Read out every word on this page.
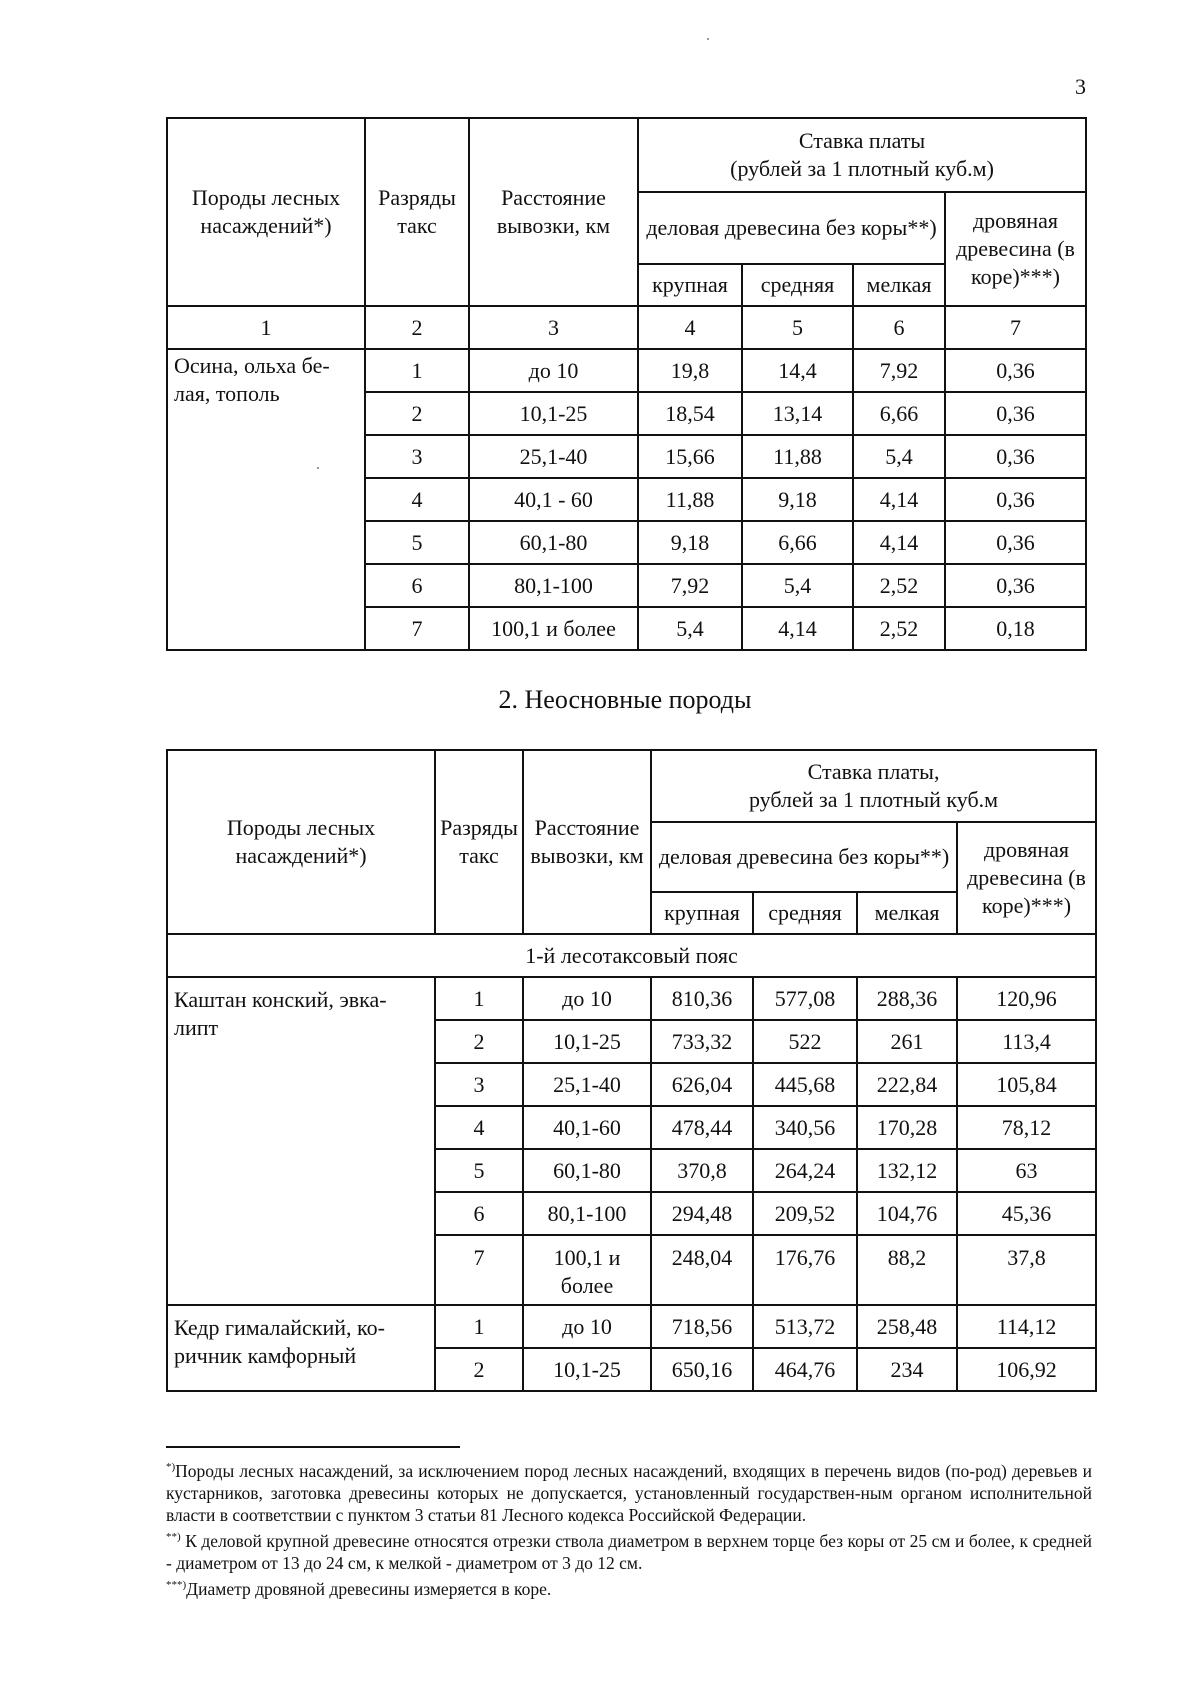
3
Породы лесных насаждений*)	Разряды такс	Расстояние вывозки, км	Ставка платы
(рублей за 1 плотный куб.м)			

			деловая древесина без коры**)			дровяная древесина (в коре)***)
			крупная	средняя	мелкая	
1	2	3	4	5	6	7
Осина, ольха бе-лая, тополь	1	до 10	19,8	14,4	7,92	0,36
	2	10,1-25	18,54	13,14	6,66	0,36
	3	25,1-40	15,66	11,88	5,4	0,36
	4	40,1 - 60	11,88	9,18	4,14	0,36
	5	60,1-80	9,18	6,66	4,14	0,36
	6	80,1-100	7,92	5,4	2,52	0,36
	7	100,1 и более	5,4	4,14	2,52	0,18
2. Неосновные породы
Породы лесных насаждений*)	Разряды такс	Расстояние вывозки, км	Ставка платы,
рублей за 1 плотный куб.м			

			деловая древесина без коры**)			дровяная древесина (в коре)***)
			крупная	средняя	мелкая	
1-й лесотаксовый пояс						
Каштан конский, эвка-липт	1	до 10	810,36	577,08	288,36	120,96
	2	10,1-25	733,32	522	261	113,4
	3	25,1-40	626,04	445,68	222,84	105,84
	4	40,1-60	478,44	340,56	170,28	78,12
	5	60,1-80	370,8	264,24	132,12	63
	6	80,1-100	294,48	209,52	104,76	45,36
	7	100,1 и более	248,04	176,76	88,2	37,8
Кедр гималайский, ко-ричник камфорный	1	до 10	718,56	513,72	258,48	114,12
	2	10,1-25	650,16	464,76	234	106,92

*)Породы лесных насаждений, за исключением пород лесных насаждений, входящих в перечень видов (по-род) деревьев и кустарников, заготовка древесины которых не допускается, установленный государствен-ным органом исполнительной власти в соответствии с пунктом 3 статьи 81 Лесного кодекса Российской Федерации.

**) К деловой крупной древесине относятся отрезки ствола диаметром в верхнем торце без коры от 25 см и более, к средней - диаметром от 13 до 24 см, к мелкой - диаметром от 3 до 12 см.

***)Диаметр дровяной древесины измеряется в коре.
